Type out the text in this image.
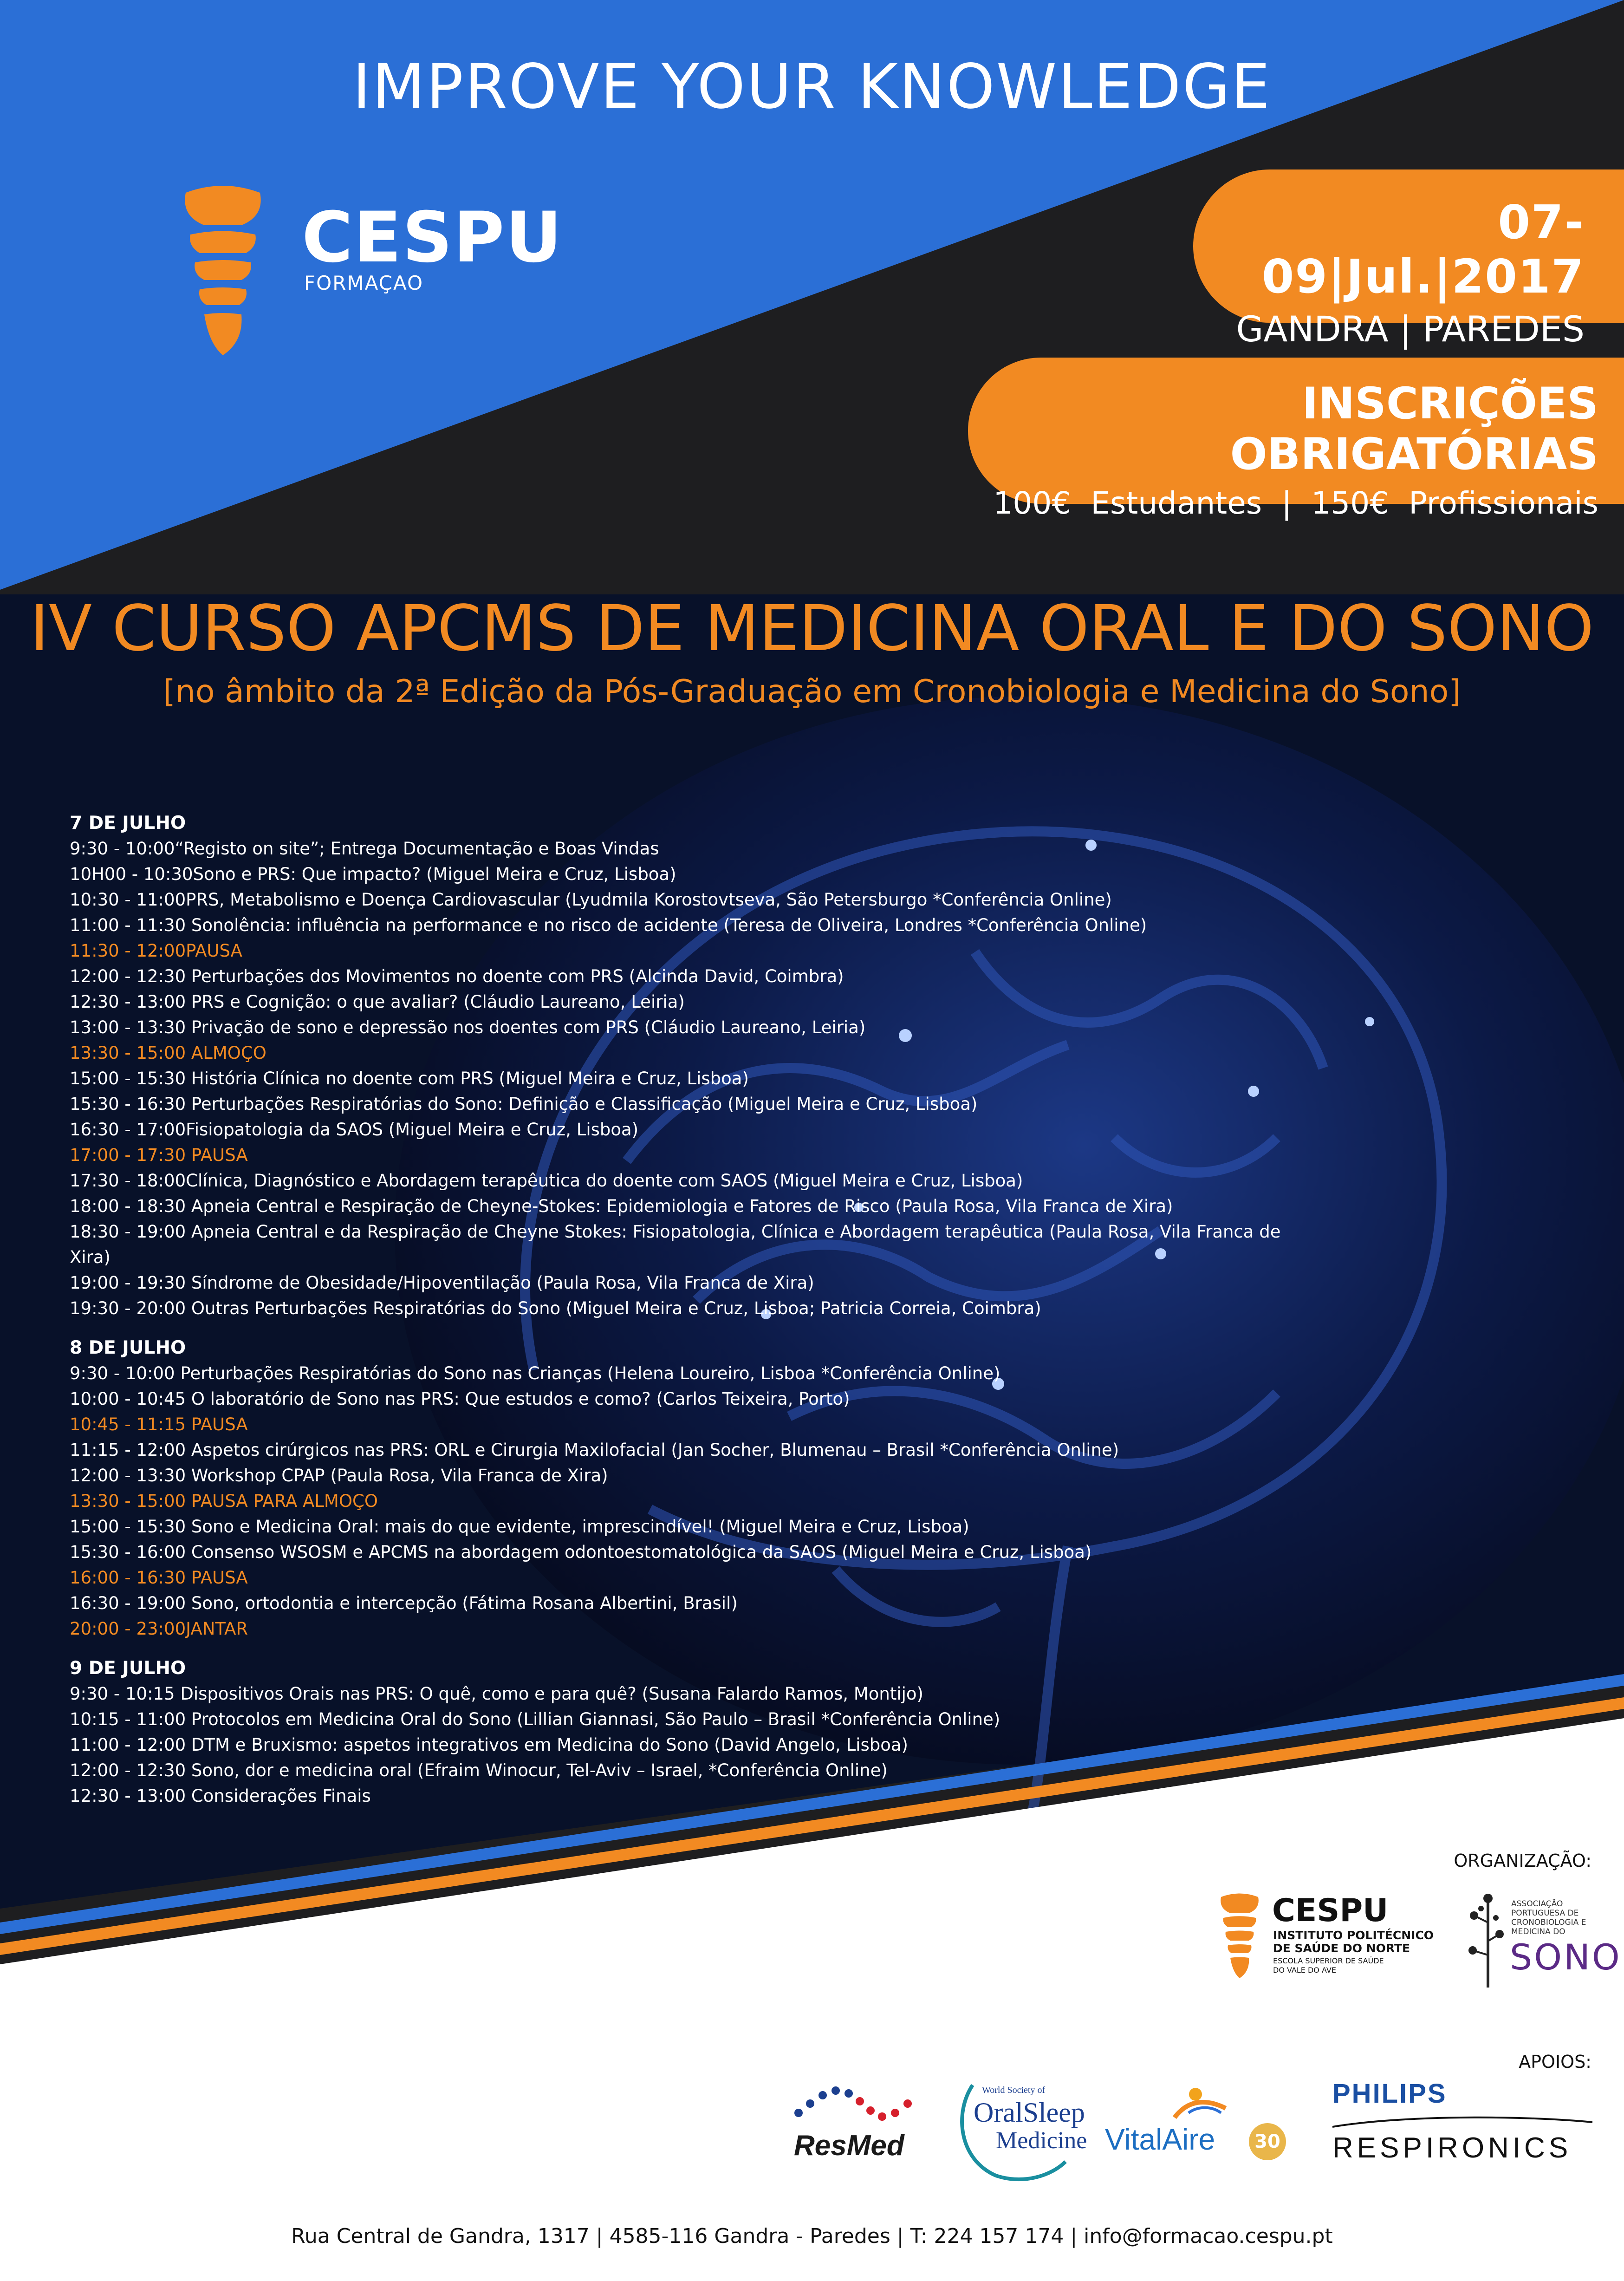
IMPROVE YOUR KNOWLEDGE
CESPU
FORMAÇAO
07-09|Jul.|2017
GANDRA | PAREDES
INSCRIÇÕES OBRIGATÓRIAS
100€  Estudantes  |  150€  Profissionais
IV CURSO APCMS DE MEDICINA ORAL E DO SONO
[no âmbito da 2ª Edição da Pós-Graduação em Cronobiologia e Medicina do Sono]
7 DE JULHO
9:30 - 10:00“Registo on site”; Entrega Documentação e Boas Vindas
10H00 - 10:30Sono e PRS: Que impacto? (Miguel Meira e Cruz, Lisboa)
10:30 - 11:00PRS, Metabolismo e Doença Cardiovascular (Lyudmila Korostovtseva, São Petersburgo *Conferência Online)
11:00 - 11:30 Sonolência: influência na performance e no risco de acidente (Teresa de Oliveira, Londres *Conferência Online)
11:30 - 12:00PAUSA
12:00 - 12:30 Perturbações dos Movimentos no doente com PRS (Alcinda David, Coimbra)
12:30 - 13:00 PRS e Cognição: o que avaliar? (Cláudio Laureano, Leiria)
13:00 - 13:30 Privação de sono e depressão nos doentes com PRS (Cláudio Laureano, Leiria)
13:30 - 15:00 ALMOÇO
15:00 - 15:30 História Clínica no doente com PRS (Miguel Meira e Cruz, Lisboa)
15:30 - 16:30 Perturbações Respiratórias do Sono: Definição e Classificação (Miguel Meira e Cruz, Lisboa)
16:30 - 17:00Fisiopatologia da SAOS (Miguel Meira e Cruz, Lisboa)
17:00 - 17:30 PAUSA
17:30 - 18:00Clínica, Diagnóstico e Abordagem terapêutica do doente com SAOS (Miguel Meira e Cruz, Lisboa)
18:00 - 18:30 Apneia Central e Respiração de Cheyne-Stokes: Epidemiologia e Fatores de Risco (Paula Rosa, Vila Franca de Xira)
18:30 - 19:00 Apneia Central e da Respiração de Cheyne Stokes: Fisiopatologia, Clínica e Abordagem terapêutica (Paula Rosa, Vila Franca de Xira)
19:00 - 19:30 Síndrome de Obesidade/Hipoventilação (Paula Rosa, Vila Franca de Xira)
19:30 - 20:00 Outras Perturbações Respiratórias do Sono (Miguel Meira e Cruz, Lisboa; Patricia Correia, Coimbra)
8 DE JULHO
9:30 - 10:00 Perturbações Respiratórias do Sono nas Crianças (Helena Loureiro, Lisboa *Conferência Online)
10:00 - 10:45 O laboratório de Sono nas PRS: Que estudos e como? (Carlos Teixeira, Porto)
10:45 - 11:15 PAUSA
11:15 - 12:00 Aspetos cirúrgicos nas PRS: ORL e Cirurgia Maxilofacial (Jan Socher, Blumenau – Brasil *Conferência Online)
12:00 - 13:30 Workshop CPAP (Paula Rosa, Vila Franca de Xira)
13:30 - 15:00 PAUSA PARA ALMOÇO
15:00 - 15:30 Sono e Medicina Oral: mais do que evidente, imprescindível! (Miguel Meira e Cruz, Lisboa)
15:30 - 16:00 Consenso WSOSM e APCMS na abordagem odontoestomatológica da SAOS (Miguel Meira e Cruz, Lisboa)
16:00 - 16:30 PAUSA
16:30 - 19:00 Sono, ortodontia e intercepção (Fátima Rosana Albertini, Brasil)
20:00 - 23:00JANTAR
9 DE JULHO
9:30 - 10:15 Dispositivos Orais nas PRS: O quê, como e para quê? (Susana Falardo Ramos, Montijo)
10:15 - 11:00 Protocolos em Medicina Oral do Sono (Lillian Giannasi, São Paulo – Brasil *Conferência Online)
11:00 - 12:00 DTM e Bruxismo: aspetos integrativos em Medicina do Sono (David Angelo, Lisboa)
12:00 - 12:30 Sono, dor e medicina oral (Efraim Winocur, Tel-Aviv – Israel, *Conferência Online)
12:30 - 13:00 Considerações Finais
ORGANIZAÇÃO:
CESPU
INSTITUTO POLITÉCNICO
DE SAÚDE DO NORTE
ESCOLA SUPERIOR DE SAÚDE
DO VALE DO AVE
ASSOCIAÇÃO
PORTUGUESA DE
CRONOBIOLOGIA E
MEDICINA DO
SONO
APOIOS:
ResMed
World Society of
OralSleep
Medicine VitalAire	30
PHILIPS
RESPIRONICS
Rua Central de Gandra, 1317 | 4585-116 Gandra - Paredes | T: 224 157 174 | info@formacao.cespu.pt
